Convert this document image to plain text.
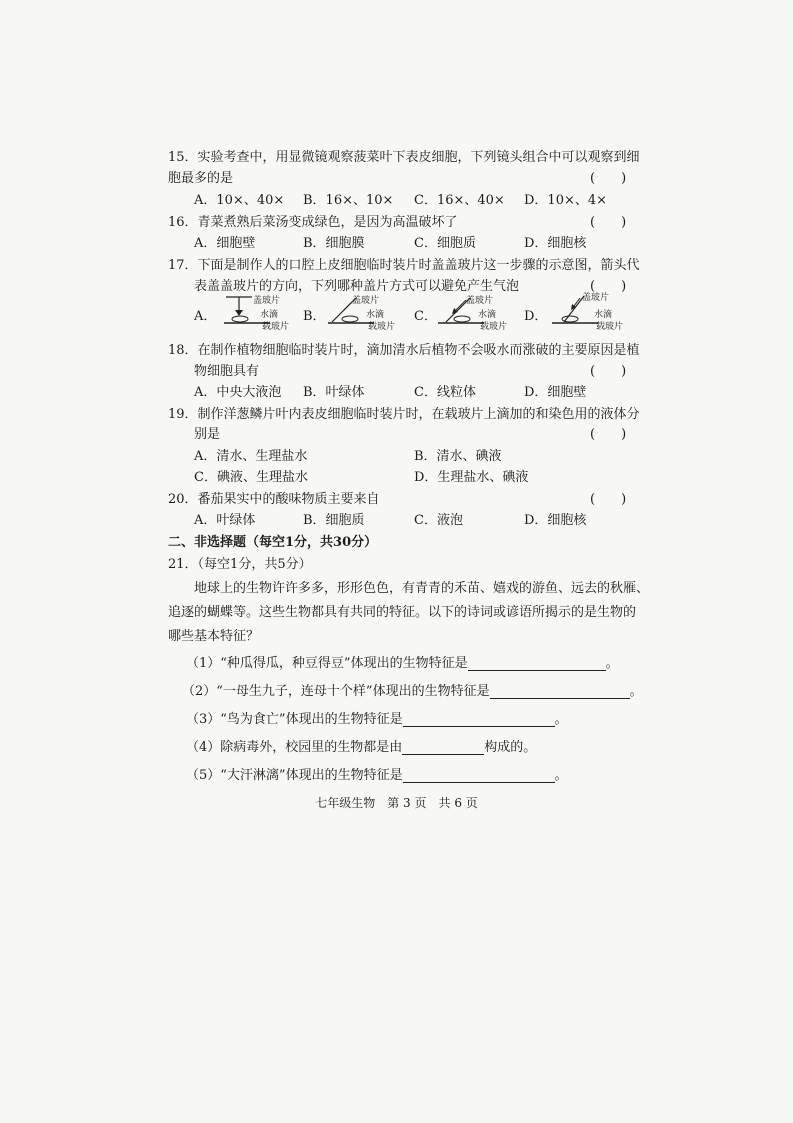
15．实验考查中，用显微镜观察菠菜叶下表皮细胞，下列镜头组合中可以观察到细
胞最多的是	(　　)
A．10×、40× B．16×、10× C．16×、40× D．10×、4×
16．青菜煮熟后菜汤变成绿色，是因为高温破坏了	(　　)
A．细胞壁	B．细胞膜	C．细胞质	D．细胞核
17．下面是制作人的口腔上皮细胞临时装片时盖盖玻片这一步骤的示意图，箭头代
表盖盖玻片的方向，下列哪种盖片方式可以避免产生气泡	(　　)
A．
盖玻片
水滴
载玻片
B．
盖玻片
水滴
载玻片
C．
盖玻片
水滴
载玻片
D．
盖玻片
水滴
载玻片
18．在制作植物细胞临时装片时，滴加清水后植物不会吸水而涨破的主要原因是植
物细胞具有	(　　)
A．中央大液泡 B．叶绿体	C．线粒体	D．细胞壁
19．制作洋葱鳞片叶内表皮细胞临时装片时，在载玻片上滴加的和染色用的液体分
别是	(　　)
A．清水、生理盐水	B．清水、碘液
C．碘液、生理盐水	D．生理盐水、碘液
20．番茄果实中的酸味物质主要来自	(　　)
A．叶绿体	B．细胞质	C．液泡	D．细胞核
二、非选择题（每空1分，共30分）
21．（每空1分，共5分）
地球上的生物许许多多，形形色色，有青青的禾苗、嬉戏的游鱼、远去的秋雁、
追逐的蝴蝶等。这些生物都具有共同的特征。以下的诗词或谚语所揭示的是生物的
哪些基本特征？
（1）“种瓜得瓜，种豆得豆”体现出的生物特征是	。
（2）“一母生九子，连母十个样”体现出的生物特征是	。
（3）“鸟为食亡”体现出的生物特征是	。
（4）除病毒外，校园里的生物都是由	构成的。
（5）“大汗淋漓”体现出的生物特征是	。
七年级生物　第 3 页　共 6 页
